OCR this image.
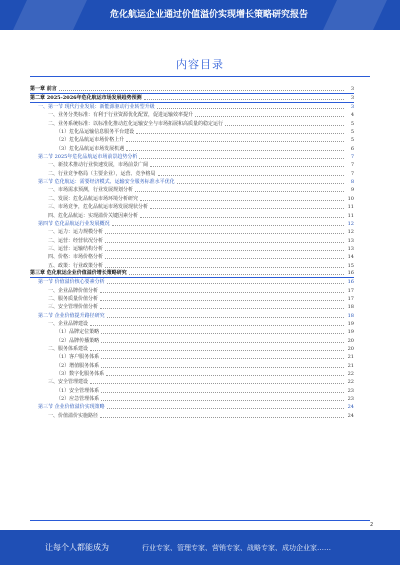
危化航运企业通过价值溢价实现增长策略研究报告
内容目录
第一章 前言	3
第二章 2025-2026年危化航运市场发展趋势预测	3
一、第一节 现代行业发展：新能源驱动行业转型升级	3
一、业务分类标准：有利于行业资源优化配置，促进运输效率提升	4
二、业务系统标准：以标准化推动危化运输安全与市场拓展和高质量的稳定运行	5
（1）危化品运输信息服务平台建设	5
（2）危化品航运市场价格上升	5
（3）危化品航运市场发展机遇	6
第二节 2025年危化品航运市场前景趋势分析	7
一、新技术推动行业快速发展，市场前景广阔	7
二、行业竞争格局（主要企业），运营、竞争格局	7
第三节 危化航运：需要经济模式、运输安全服务标准水平优化	8
一、市场需求预测，行业发展规划分析	9
二、发展：危化品航运市场环境分析研究	10
三、市场竞争，危化品航运市场发展现状分析	11
四、危化品航运：实现溢价关键因素分析	11
第四节 危化品航运行业发展概况	12
一、运力：运力规模分析	12
二、运营：经营状况分析	13
三、运营：运输结构分析	13
四、价格：市场价格分析	14
五、政策：行业政策分析	15
第三章 危化航运企业价值溢价增长策略研究	16
第一节 价值溢价核心要素分析	16
一、企业品牌价值分析	17
二、服务质量价值分析	17
三、安全管理价值分析	18
第二节 企业价值提升路径研究	18
一、企业品牌建设	19
（1）品牌定位策略	19
（2）品牌传播策略	20
二、服务体系建设	20
（1）客户服务体系	21
（2）增值服务体系	21
（3）数字化服务体系	22
三、安全管理建设	22
（1）安全管理体系	23
（2）应急管理体系	23
第三节 企业价值溢价实现策略	24
一、价值溢价实施路径	24
2
让每个人都能成为	行业专家、管理专家、营销专家、战略专家、成功企业家……
